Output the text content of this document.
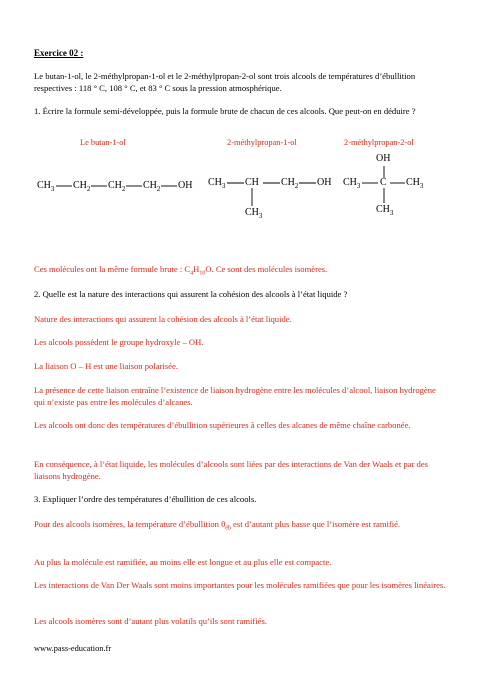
Exercice 02 :

Le butan-1-ol, le 2-méthylpropan-1-ol et le 2-méthylpropan-2-ol sont trois alcools de températures d’ébullition respectives : 118 ° C, 108 ° C, et 83 ° C sous la pression atmosphérique.

1. Écrire la formule semi-développée, puis la formule brute de chacun de ces alcools. Que peut-on en déduire ?

Le butan-1-ol	2-méthylpropan-1-ol	2-méthylpropan-2-ol
$CH_3$ $CH_2$ $CH_2$ $CH_2$ OH $CH_3$ CH $CH_2$ OH
$CH_3$
OH
$CH_3$ C $CH_3$
$CH_3$

Ces molécules ont la même formule brute : $C_4H_{10}O$. Ce sont des molécules isomères.

2. Quelle est la nature des interactions qui assurent la cohésion des alcools à l’état liquide ?

Nature des interactions qui assurent la cohésion des alcools à l’état liquide.

Les alcools possèdent le groupe hydroxyle – OH.

La liaison O – H est une liaison polarisée.

La présence de cette liaison entraîne l’existence de liaison hydrogène entre les molécules d’alcool, liaison hydrogène qui n’existe pas entre les molécules d’alcanes.

Les alcools ont donc des températures d’ébullition supérieures à celles des alcanes de même chaîne carbonée.

En conséquence, à l’état liquide, les molécules d’alcools sont liées par des interactions de Van der Waals et par des liaisons hydrogène.

3. Expliquer l’ordre des températures d’ébullition de ces alcools.

Pour des alcools isomères, la température d’ébullition $\theta_{éb}$ est d’autant plus basse que l’isomère est ramifié.

Au plus la molécule est ramifiée, au moins elle est longue et au plus elle est compacte.

Les interactions de Van Der Waals sont moins importantes pour les molécules ramifiées que pour les isomères linéaires.

Les alcools isomères sont d’autant plus volatils qu’ils sont ramifiés.

www.pass-education.fr
